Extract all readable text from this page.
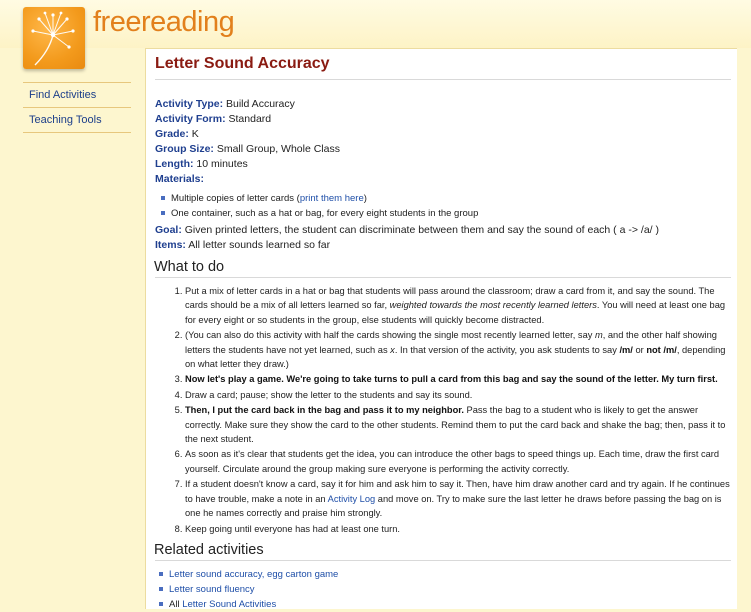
freereading
Find Activities
Teaching Tools
Letter Sound Accuracy
Activity Type: Build Accuracy
Activity Form: Standard
Grade: K
Group Size: Small Group, Whole Class
Length: 10 minutes
Materials:
Multiple copies of letter cards (print them here)
One container, such as a hat or bag, for every eight students in the group
Goal: Given printed letters, the student can discriminate between them and say the sound of each ( a -> /a/ )
Items: All letter sounds learned so far
What to do
1. Put a mix of letter cards in a hat or bag that students will pass around the classroom; draw a card from it, and say the sound. The cards should be a mix of all letters learned so far, weighted towards the most recently learned letters. You will need at least one bag for every eight or so students in the group, else students will quickly become distracted.
2. (You can also do this activity with half the cards showing the single most recently learned letter, say m, and the other half showing letters the students have not yet learned, such as x. In that version of the activity, you ask students to say /m/ or not /m/, depending on what letter they draw.)
3. Now let's play a game. We're going to take turns to pull a card from this bag and say the sound of the letter. My turn first.
4. Draw a card; pause; show the letter to the students and say its sound.
5. Then, I put the card back in the bag and pass it to my neighbor. Pass the bag to a student who is likely to get the answer correctly. Make sure they show the card to the other students. Remind them to put the card back and shake the bag; then, pass it to the next student.
6. As soon as it's clear that students get the idea, you can introduce the other bags to speed things up. Each time, draw the first card yourself. Circulate around the group making sure everyone is performing the activity correctly.
7. If a student doesn't know a card, say it for him and ask him to say it. Then, have him draw another card and try again. If he continues to have trouble, make a note in an Activity Log and move on. Try to make sure the last letter he draws before passing the bag on is one he names correctly and praise him strongly.
8. Keep going until everyone has had at least one turn.
Related activities
Letter sound accuracy, egg carton game
Letter sound fluency
All Letter Sound Activities
